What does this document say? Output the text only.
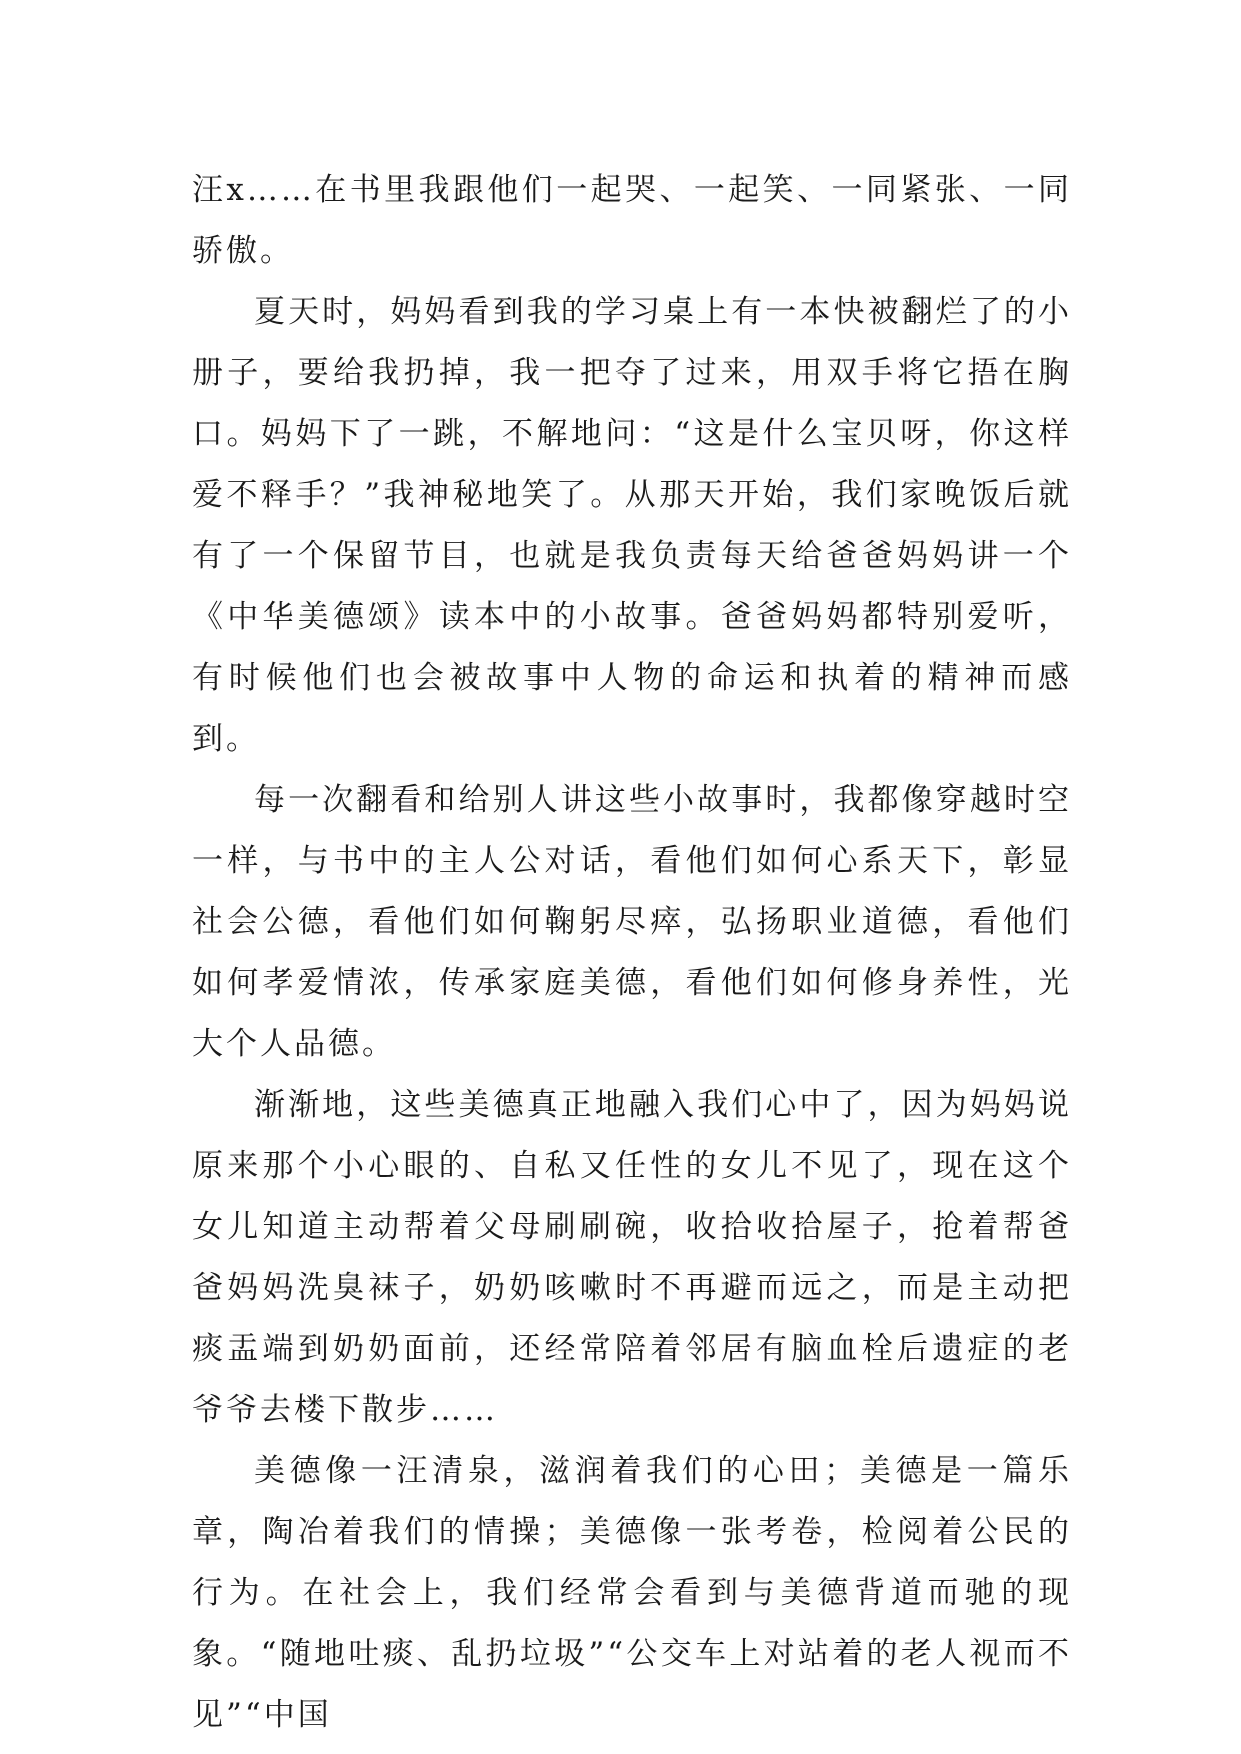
汪x……在书里我跟他们一起哭、一起笑、一同紧张、一同骄傲。

夏天时，妈妈看到我的学习桌上有一本快被翻烂了的小册子，要给我扔掉，我一把夺了过来，用双手将它捂在胸口。妈妈下了一跳，不解地问：“这是什么宝贝呀，你这样爱不释手？”我神秘地笑了。从那天开始，我们家晚饭后就有了一个保留节目，也就是我负责每天给爸爸妈妈讲一个《中华美德颂》读本中的小故事。爸爸妈妈都特别爱听，有时候他们也会被故事中人物的命运和执着的精神而感到。

每一次翻看和给别人讲这些小故事时，我都像穿越时空一样，与书中的主人公对话，看他们如何心系天下，彰显社会公德，看他们如何鞠躬尽瘁，弘扬职业道德，看他们如何孝爱情浓，传承家庭美德，看他们如何修身养性，光大个人品德。

渐渐地，这些美德真正地融入我们心中了，因为妈妈说原来那个小心眼的、自私又任性的女儿不见了，现在这个女儿知道主动帮着父母刷刷碗，收拾收拾屋子，抢着帮爸爸妈妈洗臭袜子，奶奶咳嗽时不再避而远之，而是主动把痰盂端到奶奶面前，还经常陪着邻居有脑血栓后遗症的老爷爷去楼下散步……

美德像一汪清泉，滋润着我们的心田；美德是一篇乐章，陶冶着我们的情操；美德像一张考卷，检阅着公民的行为。在社会上，我们经常会看到与美德背道而驰的现象。“随地吐痰、乱扔垃圾”“公交车上对站着的老人视而不见”“中国
